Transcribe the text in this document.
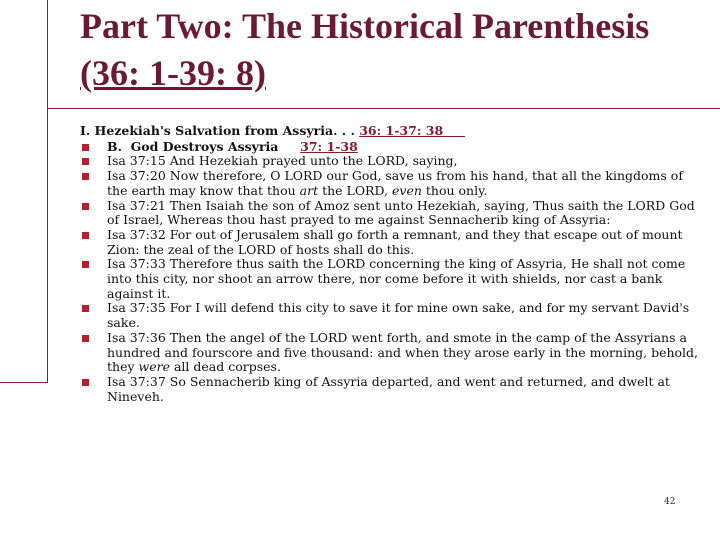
Part Two: The Historical Parenthesis (36: 1-39: 8)

I. Hezekiah's Salvation from Assyria. . . 36: 1-37: 38

B.  God Destroys Assyria     37: 1-38

Isa 37:15 And Hezekiah prayed unto the LORD, saying,

Isa 37:20 Now therefore, O LORD our God, save us from his hand, that all the kingdoms of the earth may know that thou art the LORD, even thou only.

Isa 37:21 Then Isaiah the son of Amoz sent unto Hezekiah, saying, Thus saith the LORD God of Israel, Whereas thou hast prayed to me against Sennacherib king of Assyria:

Isa 37:32 For out of Jerusalem shall go forth a remnant, and they that escape out of mount Zion: the zeal of the LORD of hosts shall do this.

Isa 37:33 Therefore thus saith the LORD concerning the king of Assyria, He shall not come into this city, nor shoot an arrow there, nor come before it with shields, nor cast a bank against it.

Isa 37:35 For I will defend this city to save it for mine own sake, and for my servant David's sake.

Isa 37:36 Then the angel of the LORD went forth, and smote in the camp of the Assyrians a hundred and fourscore and five thousand: and when they arose early in the morning, behold, they were all dead corpses.

Isa 37:37 So Sennacherib king of Assyria departed, and went and returned, and dwelt at Nineveh.

42
